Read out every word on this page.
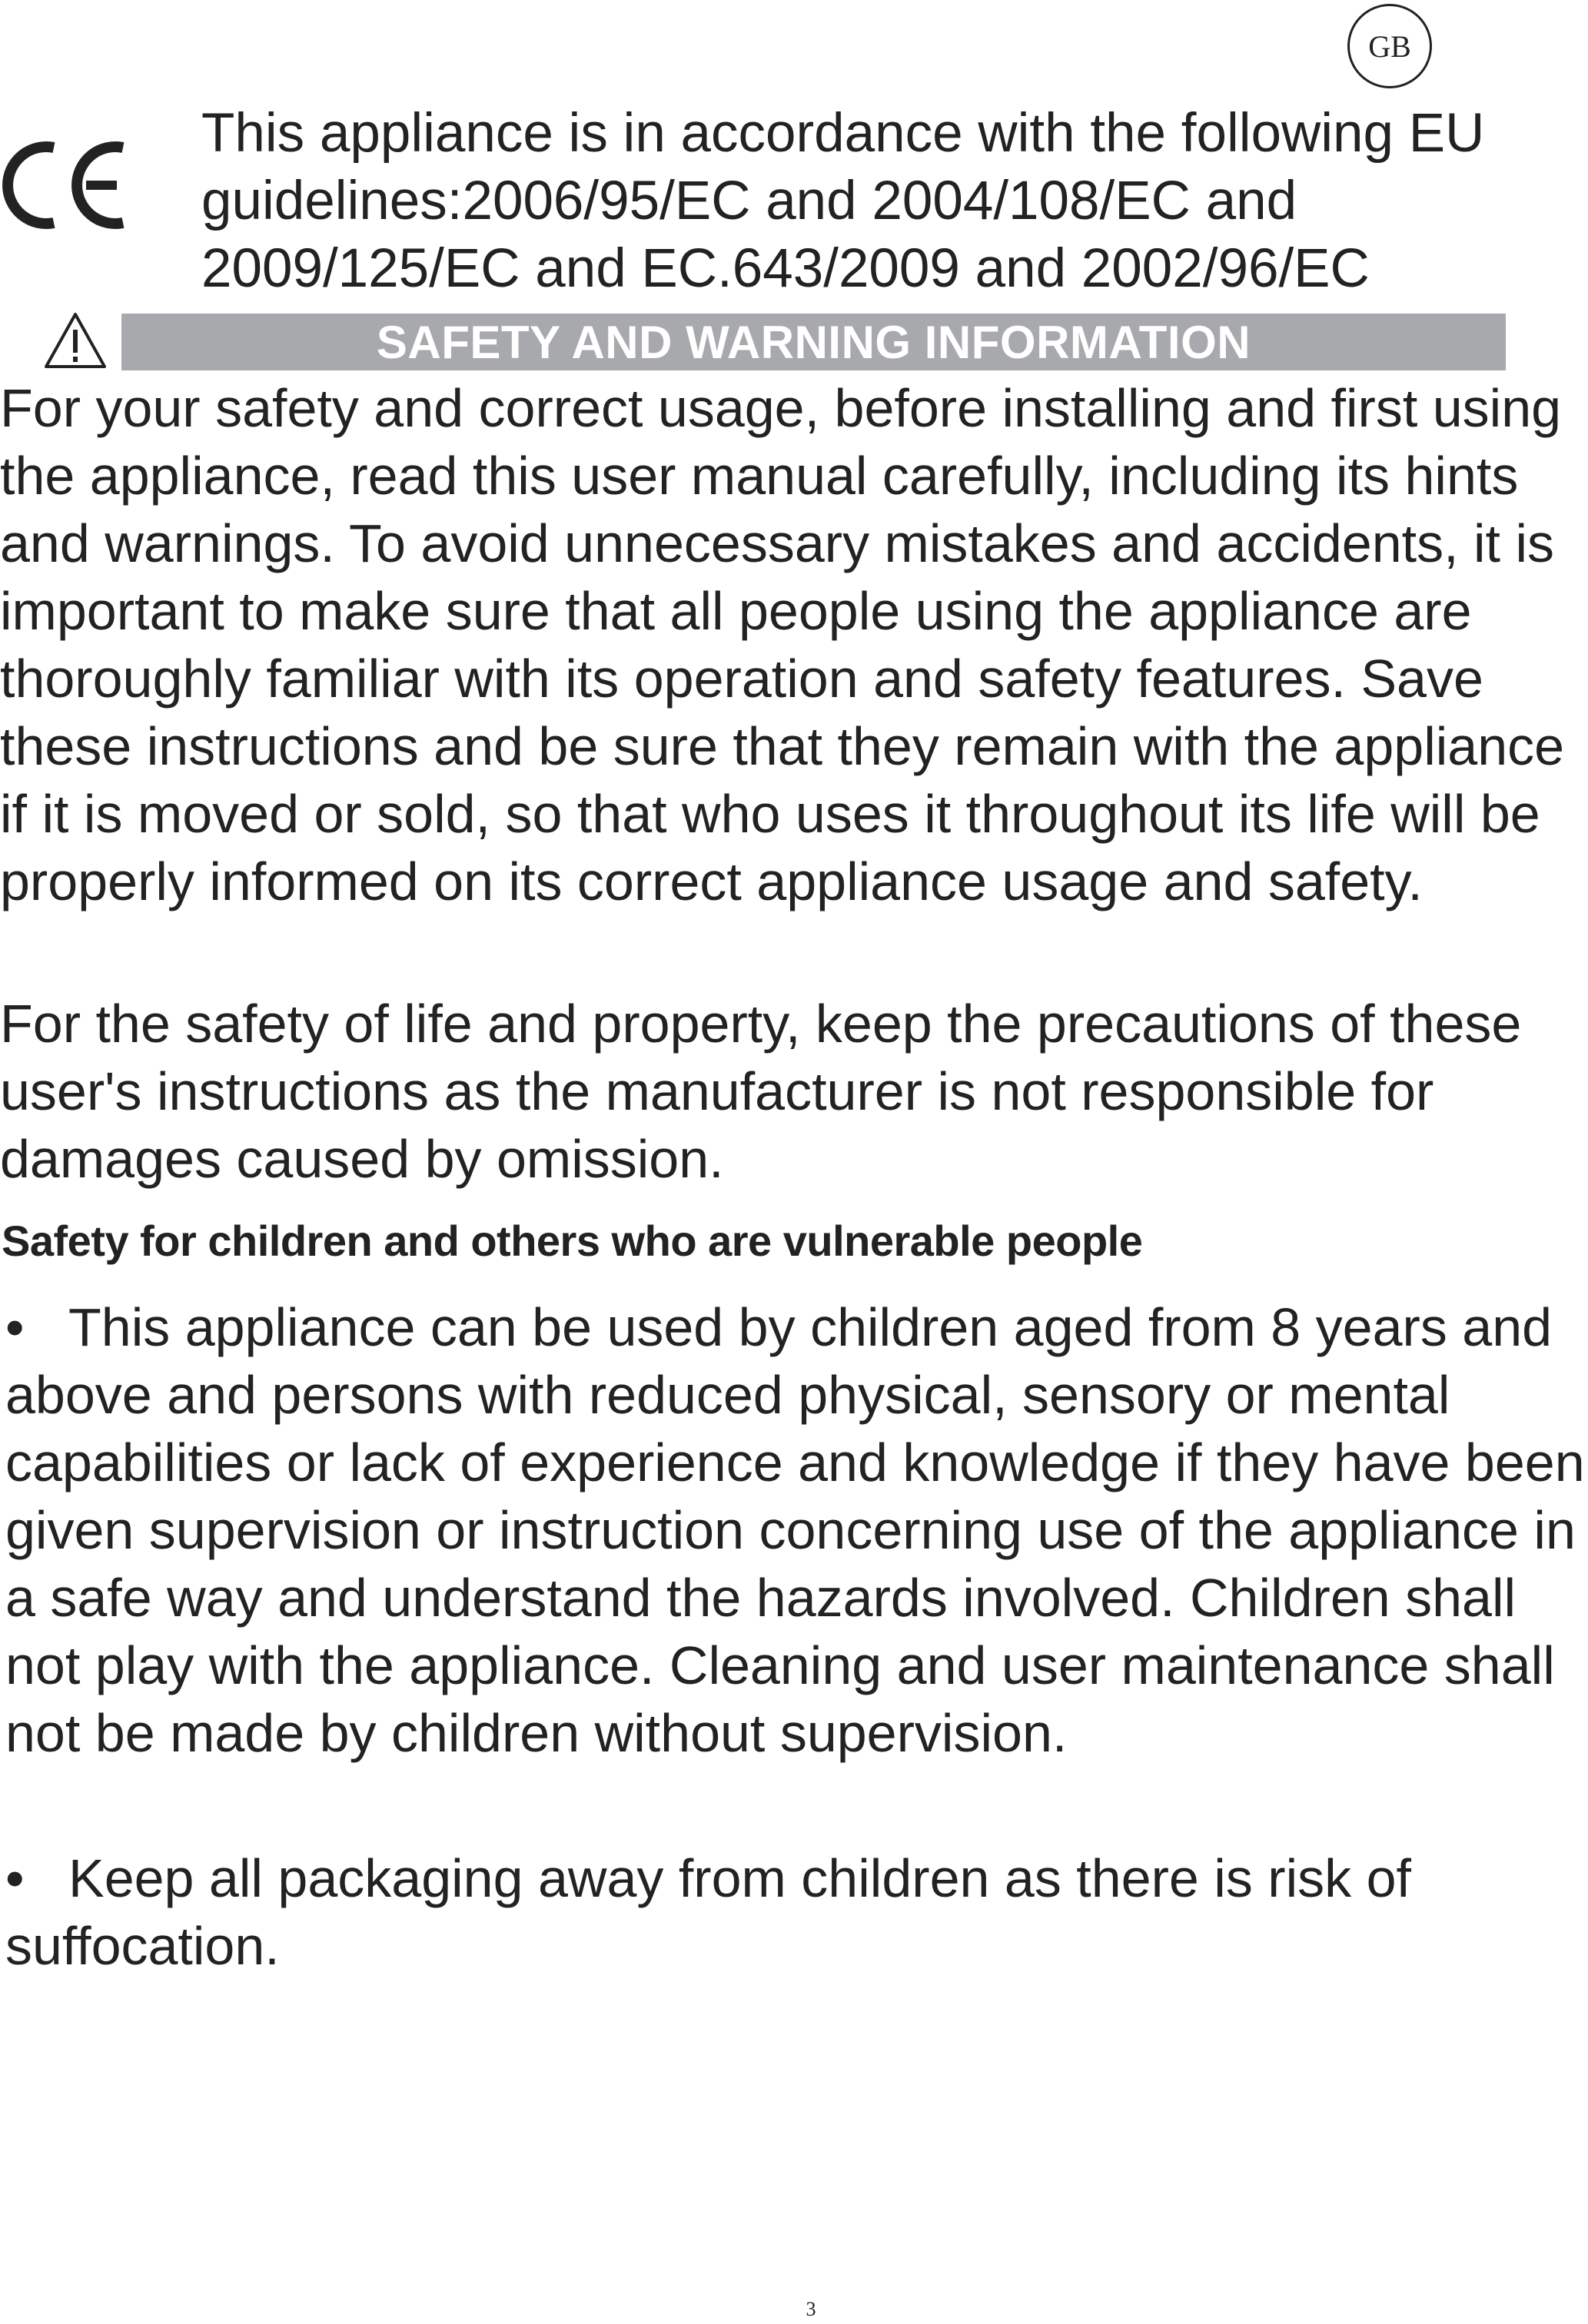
GB

This appliance is in accordance with the following EU guidelines:2006/95/EC and 2004/108/EC and 2009/125/EC and EC.643/2009 and 2002/96/EC

SAFETY AND WARNING INFORMATION

For your safety and correct usage, before installing and first using the appliance, read this user manual carefully, including its hints and warnings. To avoid unnecessary mistakes and accidents, it is important to make sure that all people using the appliance are thoroughly familiar with its operation and safety features. Save these instructions and be sure that they remain with the appliance if it is moved or sold, so that who uses it throughout its life will be properly informed on its correct appliance usage and safety.

For the safety of life and property, keep the precautions of these user's instructions as the manufacturer is not responsible for damages caused by omission.

Safety for children and others who are vulnerable people

• This appliance can be used by children aged from 8 years and above and persons with reduced physical, sensory or mental capabilities or lack of experience and knowledge if they have been given supervision or instruction concerning use of the appliance in a safe way and understand the hazards involved. Children shall not play with the appliance. Cleaning and user maintenance shall not be made by children without supervision.

• Keep all packaging away from children as there is risk of suffocation.

3
